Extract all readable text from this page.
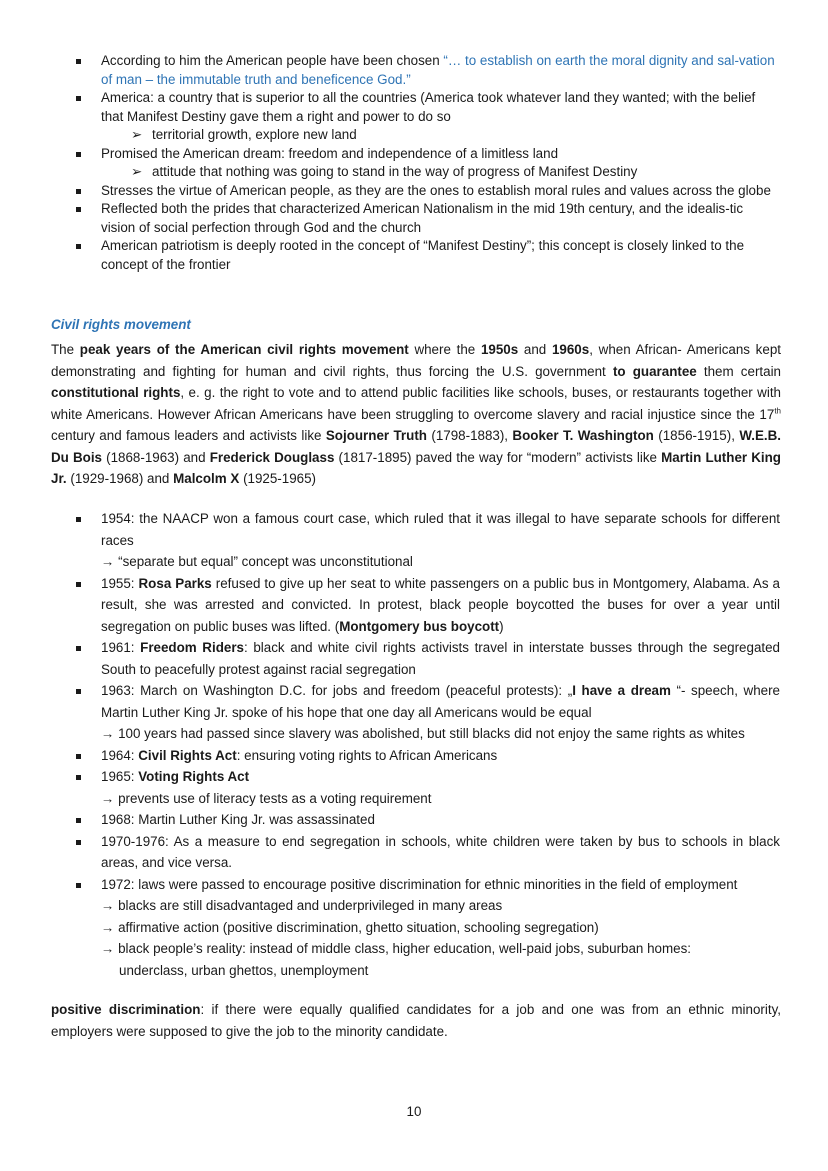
According to him the American people have been chosen “… to establish on earth the moral dignity and sal-vation of man – the immutable truth and beneficence God.”
America: a country that is superior to all the countries (America took whatever land they wanted; with the belief that Manifest Destiny gave them a right and power to do so
➢ territorial growth, explore new land
Promised the American dream: freedom and independence of a limitless land
➢ attitude that nothing was going to stand in the way of progress of Manifest Destiny
Stresses the virtue of American people, as they are the ones to establish moral rules and values across the globe
Reflected both the prides that characterized American Nationalism in the mid 19th century, and the idealis-tic vision of social perfection through God and the church
American patriotism is deeply rooted in the concept of “Manifest Destiny”; this concept is closely linked to the concept of the frontier

Civil rights movement

The peak years of the American civil rights movement where the 1950s and 1960s, when African- Americans kept demonstrating and fighting for human and civil rights, thus forcing the U.S. government to guarantee them certain constitutional rights, e. g. the right to vote and to attend public facilities like schools, buses, or restaurants together with white Americans. However African Americans have been struggling to overcome slavery and racial injustice since the 17th century and famous leaders and activists like Sojourner Truth (1798-1883), Booker T. Washington (1856-1915), W.E.B. Du Bois (1868-1963) and Frederick Douglass (1817-1895) paved the way for “modern” activists like Martin Luther King Jr. (1929-1968) and Malcolm X (1925-1965)

1954: the NAACP won a famous court case, which ruled that it was illegal to have separate schools for different races
→ “separate but equal” concept was unconstitutional
1955: Rosa Parks refused to give up her seat to white passengers on a public bus in Montgomery, Alabama. As a result, she was arrested and convicted. In protest, black people boycotted the buses for over a year until segregation on public buses was lifted. (Montgomery bus boycott)
1961: Freedom Riders: black and white civil rights activists travel in interstate busses through the segregated South to peacefully protest against racial segregation
1963: March on Washington D.C. for jobs and freedom (peaceful protests): „I have a dream “- speech, where Martin Luther King Jr. spoke of his hope that one day all Americans would be equal
→ 100 years had passed since slavery was abolished, but still blacks did not enjoy the same rights as whites
1964: Civil Rights Act: ensuring voting rights to African Americans
1965: Voting Rights Act
→ prevents use of literacy tests as a voting requirement
1968: Martin Luther King Jr. was assassinated
1970-1976: As a measure to end segregation in schools, white children were taken by bus to schools in black areas, and vice versa.
1972: laws were passed to encourage positive discrimination for ethnic minorities in the field of employment
→ blacks are still disadvantaged and underprivileged in many areas
→ affirmative action (positive discrimination, ghetto situation, schooling segregation)
→ black people’s reality: instead of middle class, higher education, well-paid jobs, suburban homes:
underclass, urban ghettos, unemployment

positive discrimination: if there were equally qualified candidates for a job and one was from an ethnic minority, employers were supposed to give the job to the minority candidate.

10
